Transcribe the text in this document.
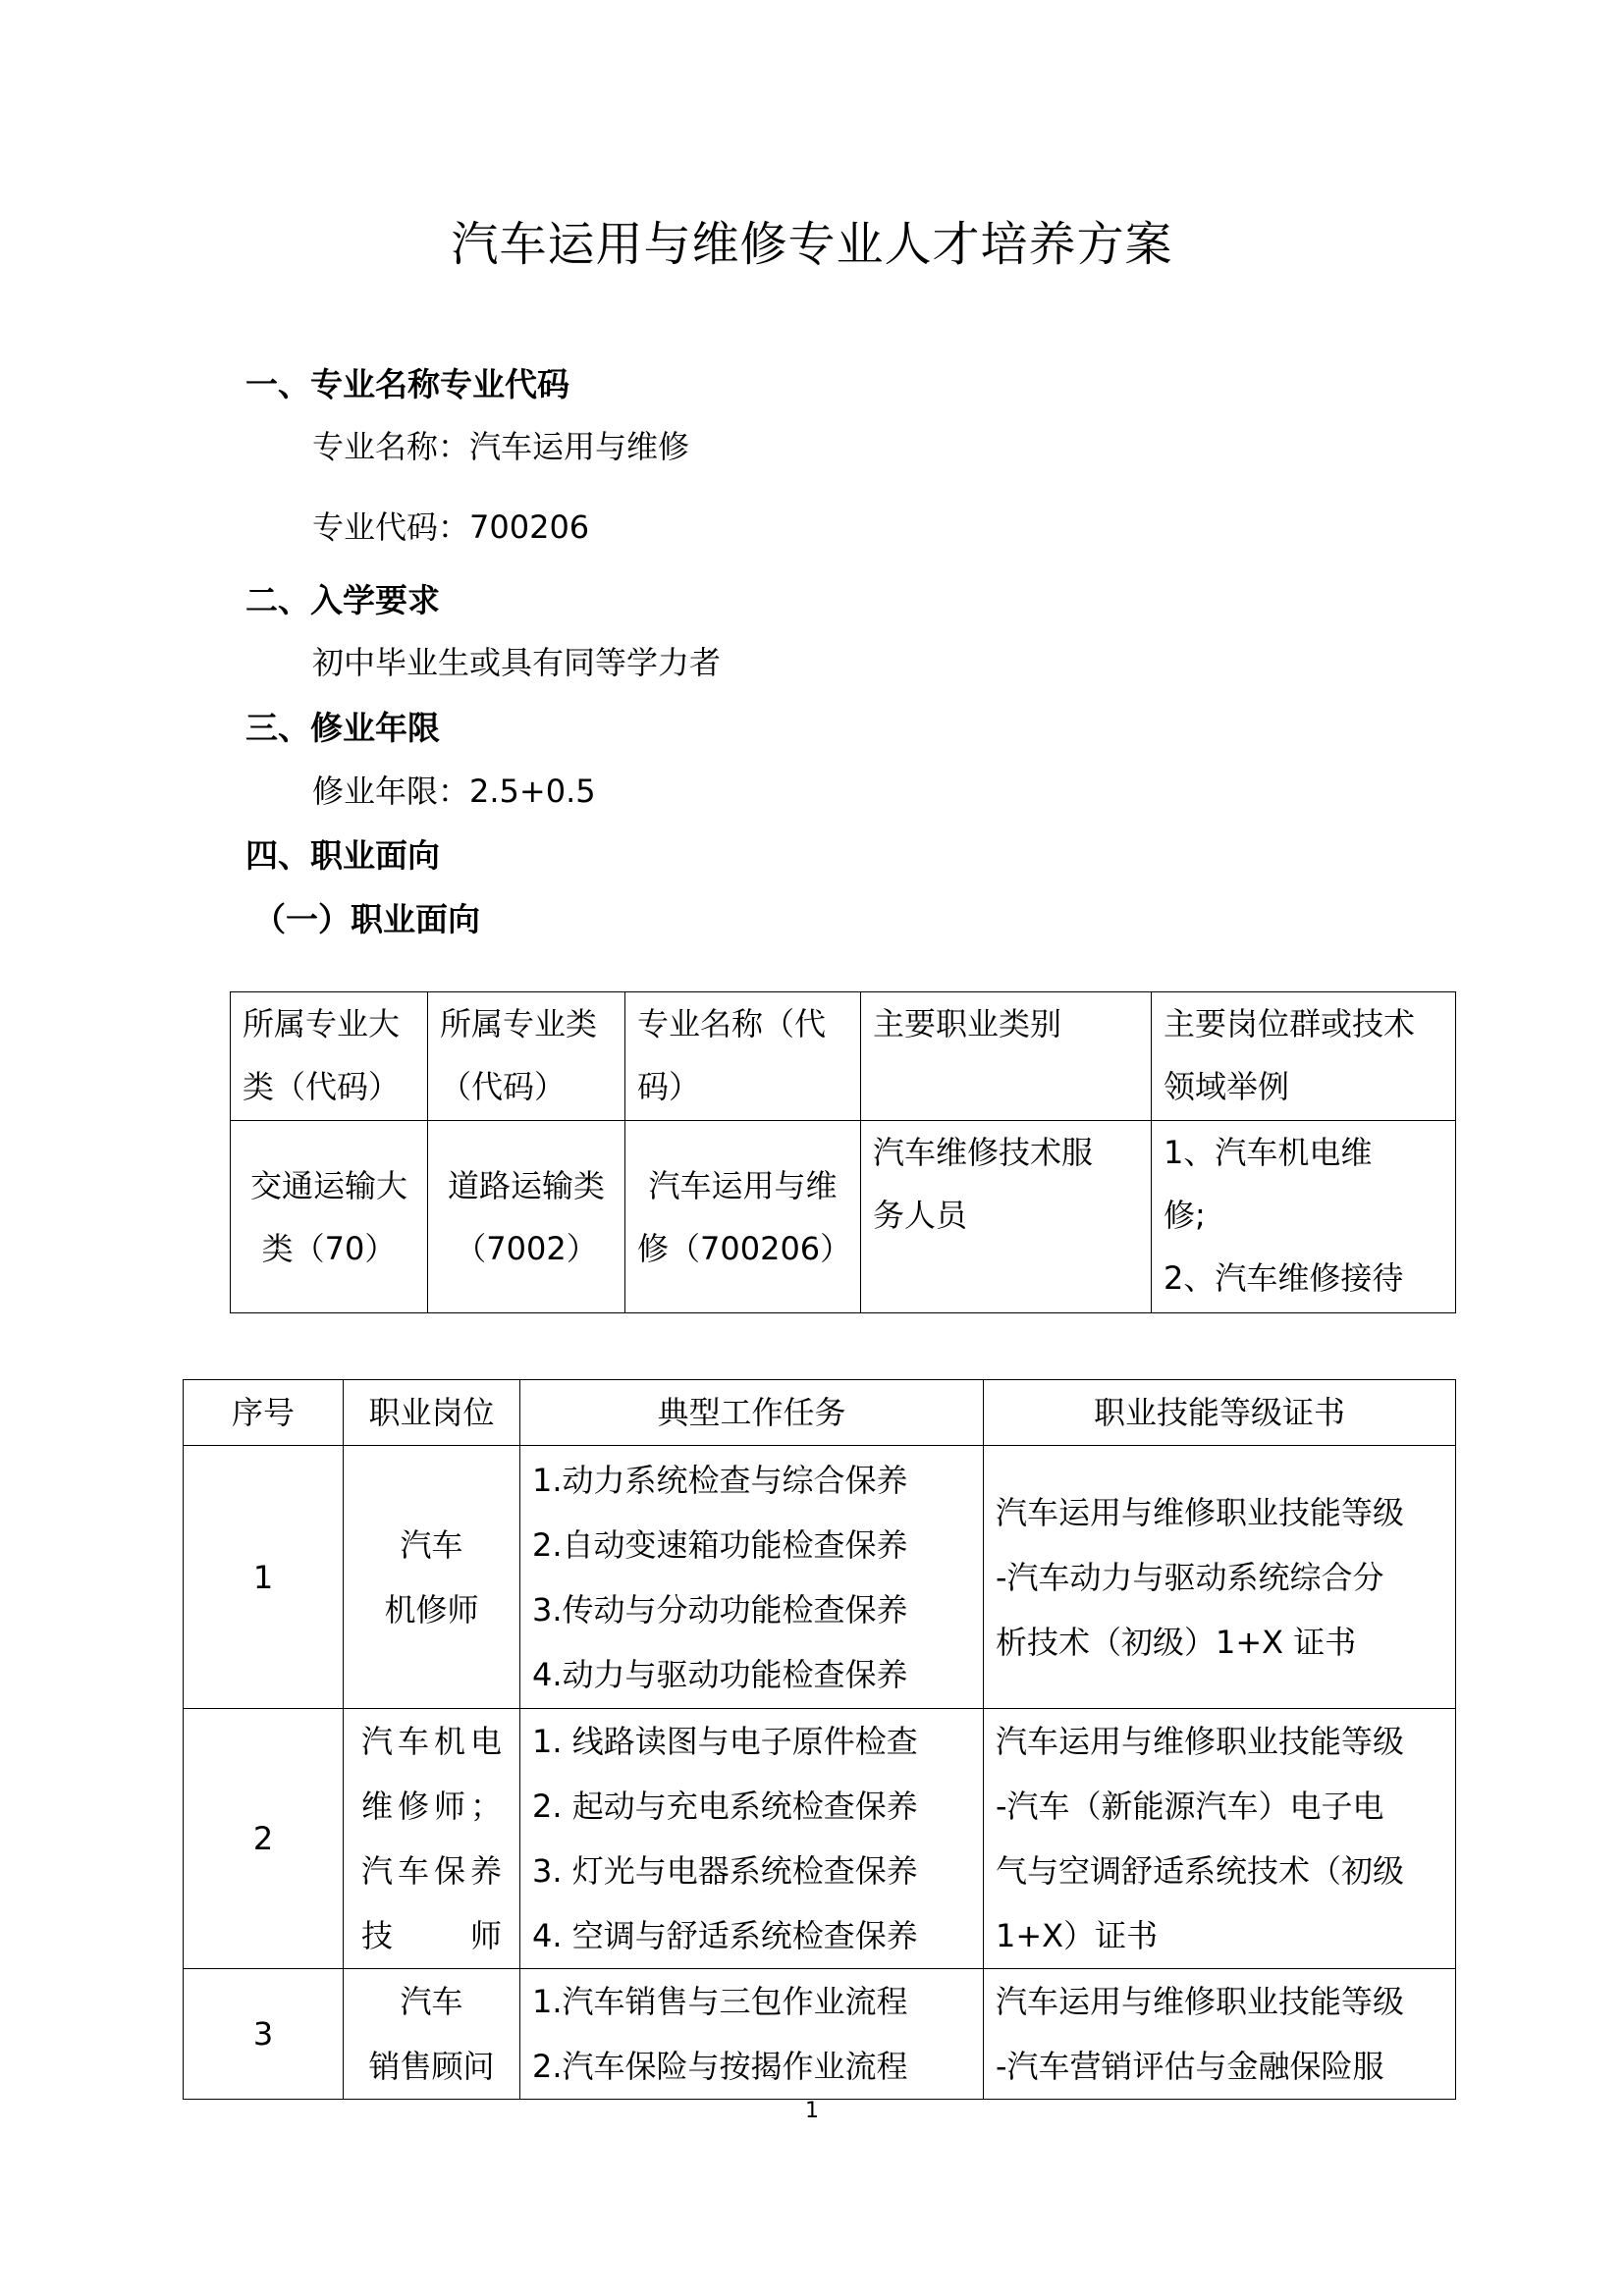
汽车运用与维修专业人才培养方案

一、专业名称专业代码

专业名称：汽车运用与维修

专业代码：700206

二、入学要求

初中毕业生或具有同等学力者

三、修业年限

修业年限：2.5+0.5

四、职业面向

（一）职业面向

所属专业大
类（代码）	所属专业类
（代码）	专业名称（代
码）	主要职业类别	主要岗位群或技术
领域举例

交通运输大
类（70）	道路运输类
（7002）	汽车运用与维
修（700206）	汽车维修技术服
务人员	1、汽车机电维
修;
2、汽车维修接待
序号	职业岗位	典型工作任务	职业技能等级证书
1	汽车
机修师	1.动力系统检查与综合保养
2.自动变速箱功能检查保养
3.传动与分动功能检查保养
4.动力与驱动功能检查保养	汽车运用与维修职业技能等级
-汽车动力与驱动系统综合分
析技术（初级）1+X 证书

2	汽车机电
维修师；
汽车保养
技师	1. 线路读图与电子原件检查
2. 起动与充电系统检查保养
3. 灯光与电器系统检查保养
4. 空调与舒适系统检查保养	汽车运用与维修职业技能等级
-汽车（新能源汽车）电子电
气与空调舒适系统技术（初级
1+X）证书

3	汽车
销售顾问	1.汽车销售与三包作业流程
2.汽车保险与按揭作业流程	汽车运用与维修职业技能等级
-汽车营销评估与金融保险服

1
